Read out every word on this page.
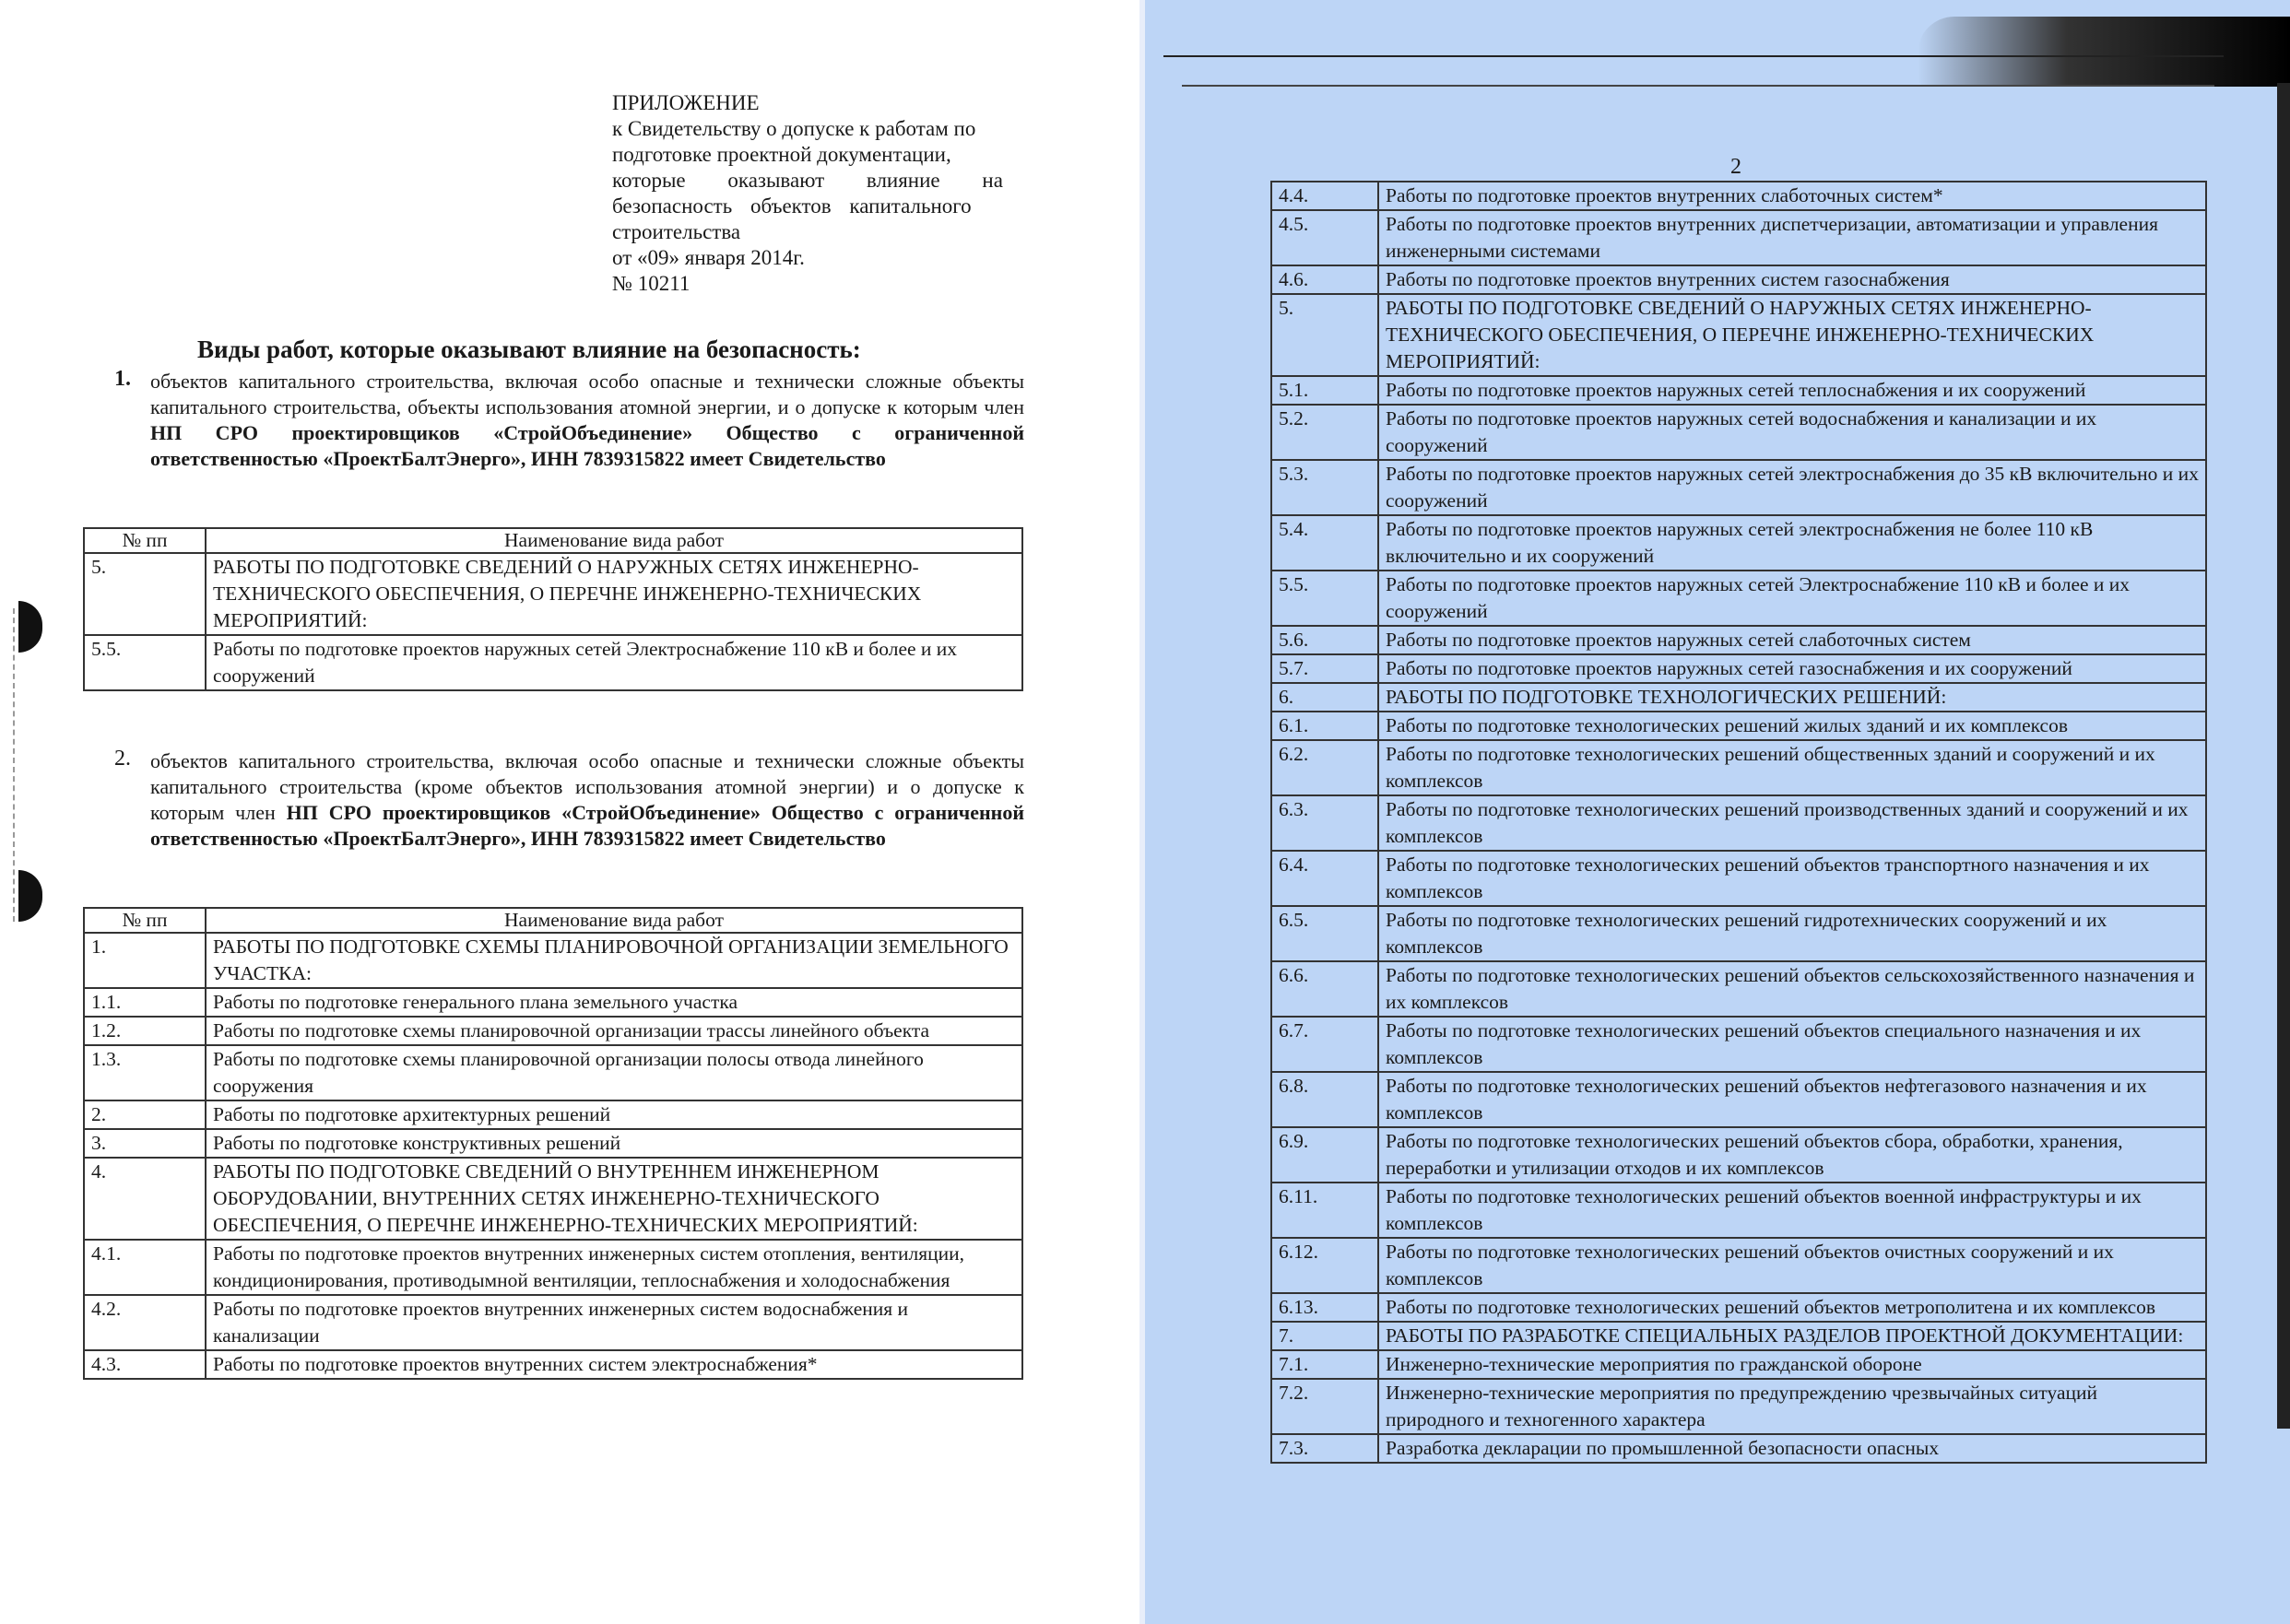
ПРИЛОЖЕНИЕ
к Свидетельству о допуске к работам по
подготовке проектной документации,
которые оказывают влияние на
безопасность объектов капитального
строительства
от «09» января 2014г.
№ 10211
Виды работ, которые оказывают влияние на безопасность:
1. объектов капитального строительства, включая особо опасные и технически сложные объекты капитального строительства, объекты использования атомной энергии, и о допуске к которым член НП СРО проектировщиков «СтройОбъединение» Общество с ограниченной ответственностью «ПроектБалтЭнерго», ИНН 7839315822 имеет Свидетельство
№ пп	Наименование вида работ
5.	РАБОТЫ ПО ПОДГОТОВКЕ СВЕДЕНИЙ О НАРУЖНЫХ СЕТЯХ ИНЖЕНЕРНО-ТЕХНИЧЕСКОГО ОБЕСПЕЧЕНИЯ, О ПЕРЕЧНЕ ИНЖЕНЕРНО-ТЕХНИЧЕСКИХ МЕРОПРИЯТИЙ:
5.5.	Работы по подготовке проектов наружных сетей Электроснабжение 110 кВ и более и их сооружений
2. объектов капитального строительства, включая особо опасные и технически сложные объекты капитального строительства (кроме объектов использования атомной энергии) и о допуске к которым член НП СРО проектировщиков «СтройОбъединение» Общество с ограниченной ответственностью «ПроектБалтЭнерго», ИНН 7839315822 имеет Свидетельство
№ пп	Наименование вида работ
1.	РАБОТЫ ПО ПОДГОТОВКЕ СХЕМЫ ПЛАНИРОВОЧНОЙ ОРГАНИЗАЦИИ ЗЕМЕЛЬНОГО УЧАСТКА:
1.1.	Работы по подготовке генерального плана земельного участка
1.2.	Работы по подготовке схемы планировочной организации трассы линейного объекта
1.3.	Работы по подготовке схемы планировочной организации полосы отвода линейного сооружения
2.	Работы по подготовке архитектурных решений
3.	Работы по подготовке конструктивных решений
4.	РАБОТЫ ПО ПОДГОТОВКЕ СВЕДЕНИЙ О ВНУТРЕННЕМ ИНЖЕНЕРНОМ ОБОРУДОВАНИИ, ВНУТРЕННИХ СЕТЯХ ИНЖЕНЕРНО-ТЕХНИЧЕСКОГО ОБЕСПЕЧЕНИЯ, О ПЕРЕЧНЕ ИНЖЕНЕРНО-ТЕХНИЧЕСКИХ МЕРОПРИЯТИЙ:
4.1.	Работы по подготовке проектов внутренних инженерных систем отопления, вентиляции, кондиционирования, противодымной вентиляции, теплоснабжения и холодоснабжения
4.2.	Работы по подготовке проектов внутренних инженерных систем водоснабжения и канализации
4.3.	Работы по подготовке проектов внутренних систем электроснабжения*
2
4.4.	Работы по подготовке проектов внутренних слаботочных систем*
4.5.	Работы по подготовке проектов внутренних диспетчеризации, автоматизации и управления инженерными системами
4.6.	Работы по подготовке проектов внутренних систем газоснабжения
5.	РАБОТЫ ПО ПОДГОТОВКЕ СВЕДЕНИЙ О НАРУЖНЫХ СЕТЯХ ИНЖЕНЕРНО-ТЕХНИЧЕСКОГО ОБЕСПЕЧЕНИЯ, О ПЕРЕЧНЕ ИНЖЕНЕРНО-ТЕХНИЧЕСКИХ МЕРОПРИЯТИЙ:
5.1.	Работы по подготовке проектов наружных сетей теплоснабжения и их сооружений
5.2.	Работы по подготовке проектов наружных сетей водоснабжения и канализации и их сооружений
5.3.	Работы по подготовке проектов наружных сетей электроснабжения до 35 кВ включительно и их сооружений
5.4.	Работы по подготовке проектов наружных сетей электроснабжения не более 110 кВ включительно и их сооружений
5.5.	Работы по подготовке проектов наружных сетей Электроснабжение 110 кВ и более и их сооружений
5.6.	Работы по подготовке проектов наружных сетей слаботочных систем
5.7.	Работы по подготовке проектов наружных сетей газоснабжения и их сооружений
6.	РАБОТЫ ПО ПОДГОТОВКЕ ТЕХНОЛОГИЧЕСКИХ РЕШЕНИЙ:
6.1.	Работы по подготовке технологических решений жилых зданий и их комплексов
6.2.	Работы по подготовке технологических решений общественных зданий и сооружений и их комплексов
6.3.	Работы по подготовке технологических решений производственных зданий и сооружений и их комплексов
6.4.	Работы по подготовке технологических решений объектов транспортного назначения и их комплексов
6.5.	Работы по подготовке технологических решений гидротехнических сооружений и их комплексов
6.6.	Работы по подготовке технологических решений объектов сельскохозяйственного назначения и их комплексов
6.7.	Работы по подготовке технологических решений объектов специального назначения и их комплексов
6.8.	Работы по подготовке технологических решений объектов нефтегазового назначения и их комплексов
6.9.	Работы по подготовке технологических решений объектов сбора, обработки, хранения, переработки и утилизации отходов и их комплексов
6.11.	Работы по подготовке технологических решений объектов военной инфраструктуры и их комплексов
6.12.	Работы по подготовке технологических решений объектов очистных сооружений и их комплексов
6.13.	Работы по подготовке технологических решений объектов метрополитена и их комплексов
7.	РАБОТЫ ПО РАЗРАБОТКЕ СПЕЦИАЛЬНЫХ РАЗДЕЛОВ ПРОЕКТНОЙ ДОКУМЕНТАЦИИ:
7.1.	Инженерно-технические мероприятия по гражданской обороне
7.2.	Инженерно-технические мероприятия по предупреждению чрезвычайных ситуаций природного и техногенного характера
7.3.	Разработка декларации по промышленной безопасности опасных
